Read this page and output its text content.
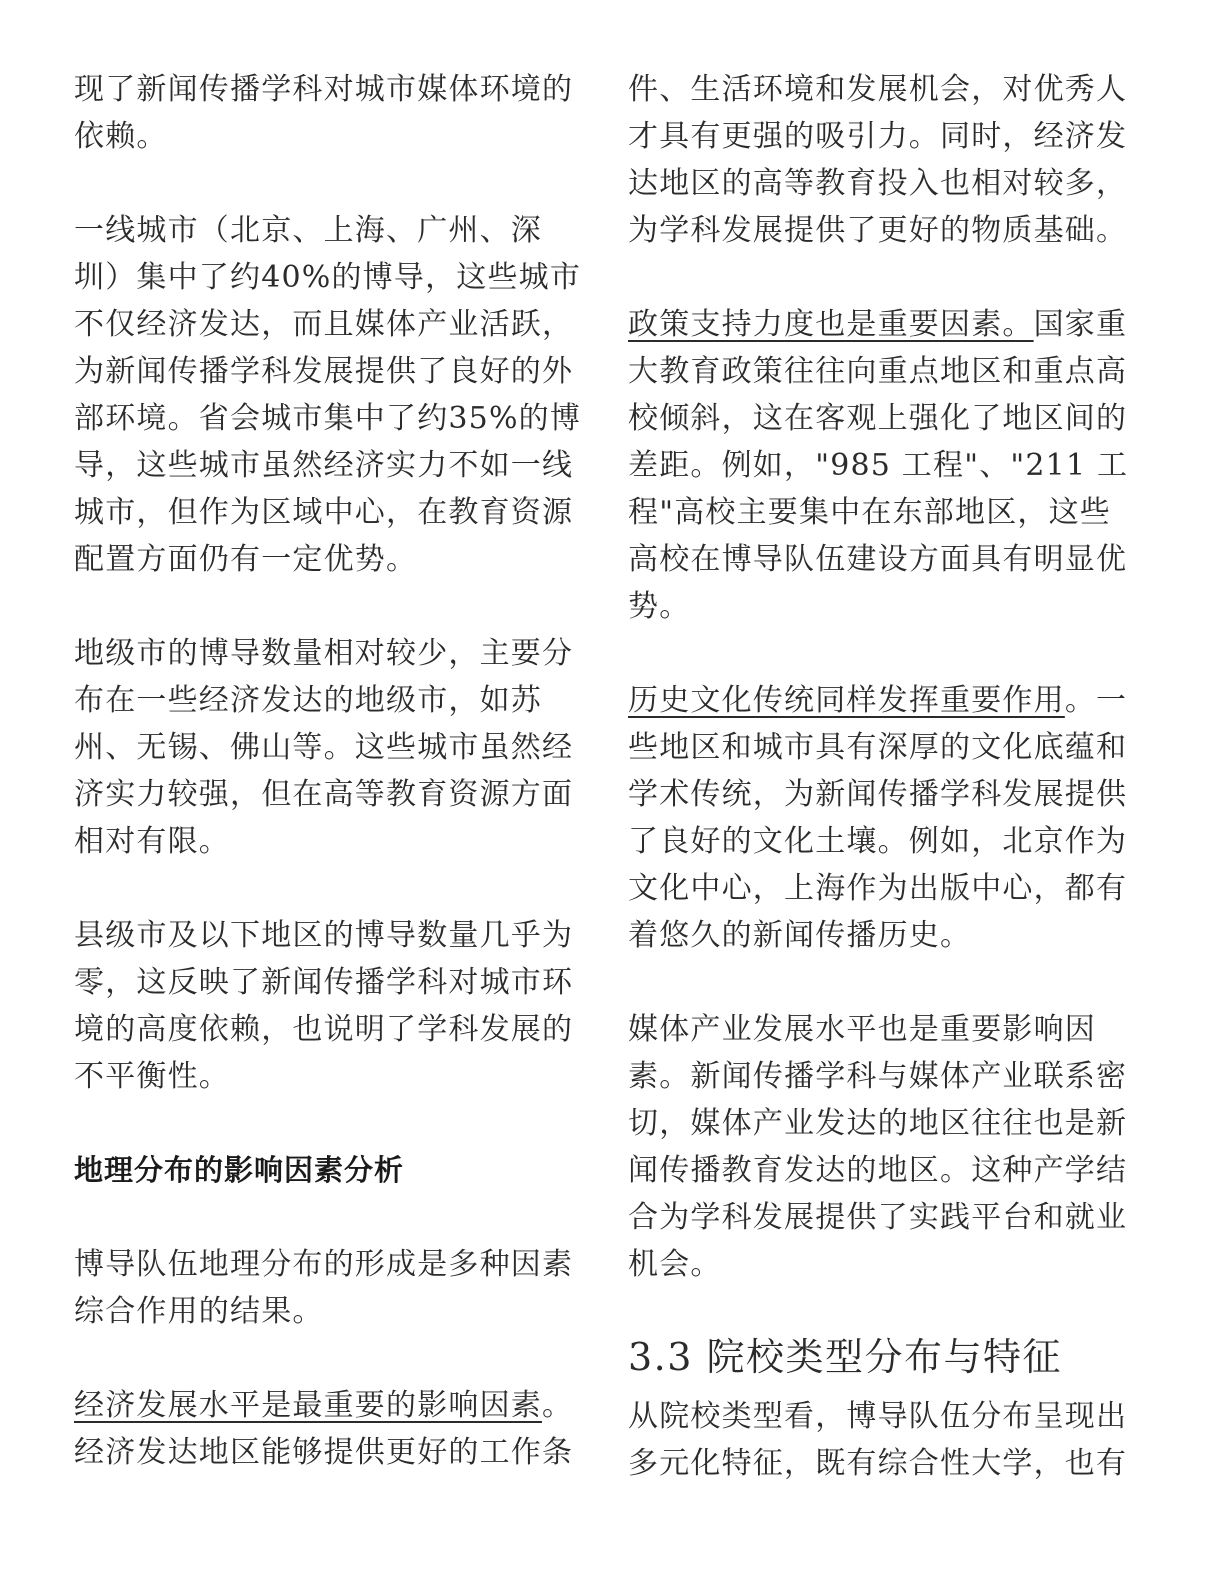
现了新闻传播学科对城市媒体环境的依赖。

一线城市（北京、上海、广州、深圳）集中了约40%的博导，这些城市不仅经济发达，而且媒体产业活跃，为新闻传播学科发展提供了良好的外部环境。省会城市集中了约35%的博导，这些城市虽然经济实力不如一线城市，但作为区域中心，在教育资源配置方面仍有一定优势。

地级市的博导数量相对较少，主要分布在一些经济发达的地级市，如苏州、无锡、佛山等。这些城市虽然经济实力较强，但在高等教育资源方面相对有限。

县级市及以下地区的博导数量几乎为零，这反映了新闻传播学科对城市环境的高度依赖，也说明了学科发展的不平衡性。

地理分布的影响因素分析

博导队伍地理分布的形成是多种因素综合作用的结果。

经济发展水平是最重要的影响因素。经济发达地区能够提供更好的工作条

件、生活环境和发展机会，对优秀人才具有更强的吸引力。同时，经济发达地区的高等教育投入也相对较多，为学科发展提供了更好的物质基础。

政策支持力度也是重要因素。国家重大教育政策往往向重点地区和重点高校倾斜，这在客观上强化了地区间的差距。例如，"985 工程"、"211 工程"高校主要集中在东部地区，这些高校在博导队伍建设方面具有明显优势。

历史文化传统同样发挥重要作用。一些地区和城市具有深厚的文化底蕴和学术传统，为新闻传播学科发展提供了良好的文化土壤。例如，北京作为文化中心，上海作为出版中心，都有着悠久的新闻传播历史。

媒体产业发展水平也是重要影响因素。新闻传播学科与媒体产业联系密切，媒体产业发达的地区往往也是新闻传播教育发达的地区。这种产学结合为学科发展提供了实践平台和就业机会。

3.3 院校类型分布与特征

从院校类型看，博导队伍分布呈现出多元化特征，既有综合性大学，也有
